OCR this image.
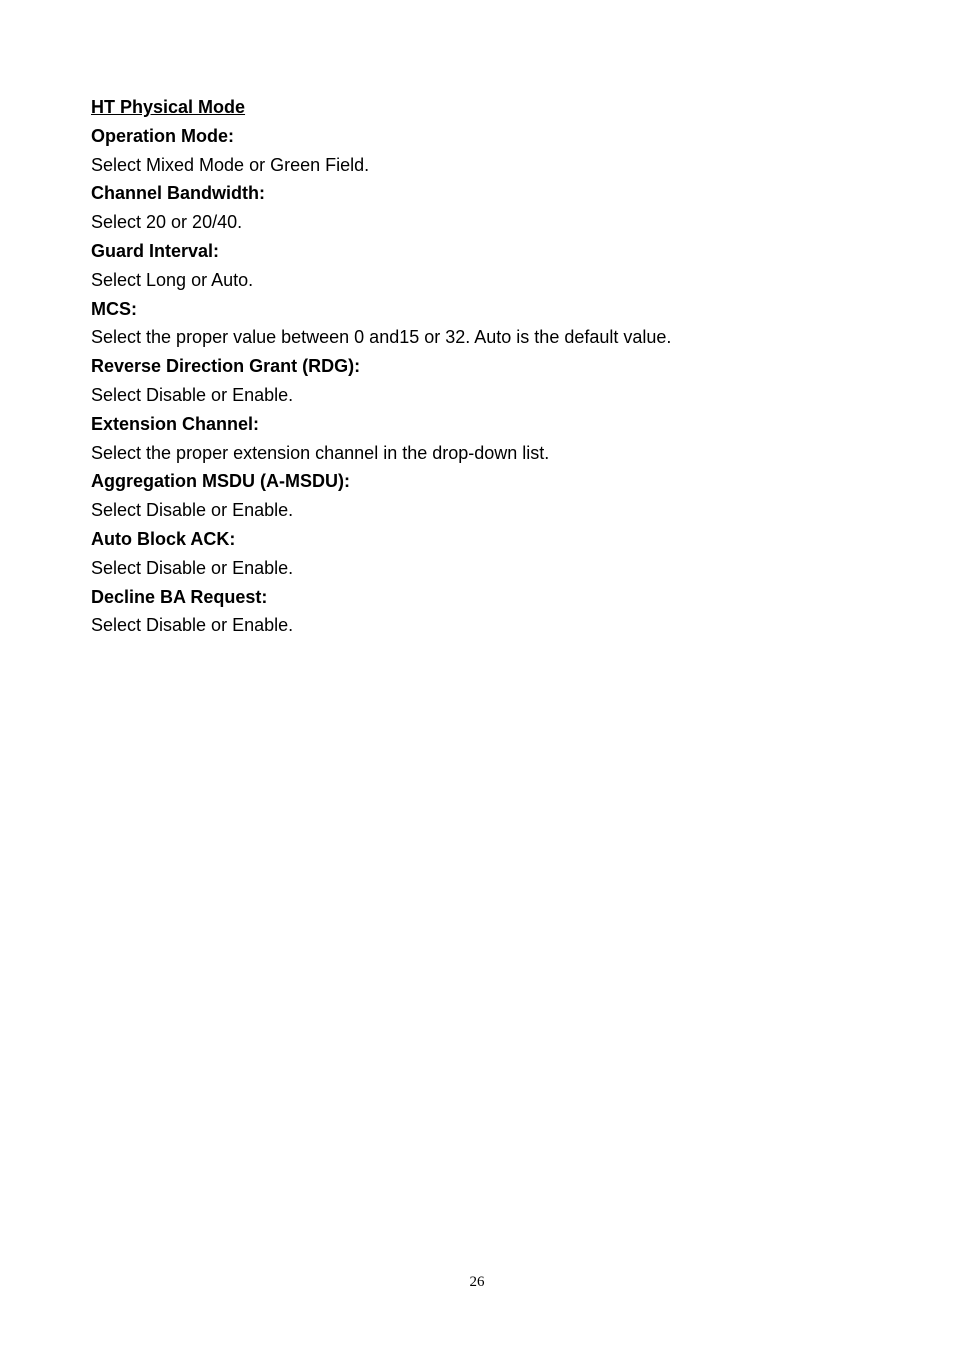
HT Physical Mode

Operation Mode:

Select Mixed Mode or Green Field.

Channel Bandwidth:

Select 20 or 20/40.

Guard Interval:

Select Long or Auto.

MCS:

Select the proper value between 0 and15 or 32. Auto is the default value.

Reverse Direction Grant (RDG):

Select Disable or Enable.

Extension Channel:

Select the proper extension channel in the drop-down list.

Aggregation MSDU (A-MSDU):

Select Disable or Enable.

Auto Block ACK:

Select Disable or Enable.

Decline BA Request:

Select Disable or Enable.

26
